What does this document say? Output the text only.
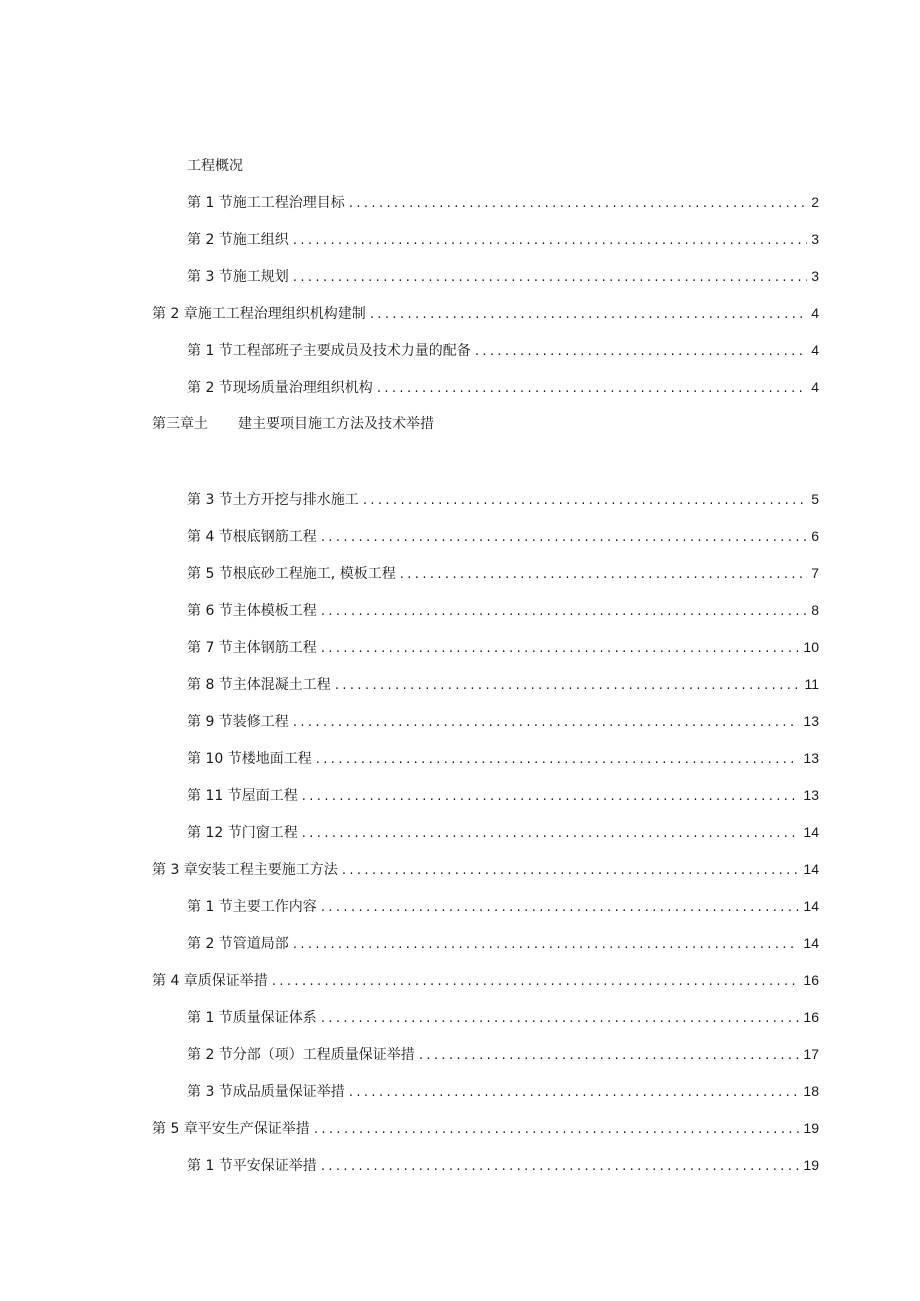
工程概况
第 1 节施工工程治理目标 .....	2
第 2 节施工组织 .....	3
第 3 节施工规划 .....	3
第 2 章施工工程治理组织机构建制 .....	4
第 1 节工程部班子主要成员及技术力量的配备 .....	4
第 2 节现场质量治理组织机构 .....	4
第三章土 建主要项目施工方法及技术举措
第 3 节土方开挖与排水施工 .....	5
第 4 节根底钢筋工程 .....	6
第 5 节根底砂工程施工, 模板工程 .....	7
第 6 节主体模板工程 .....	8
第 7 节主体钢筋工程 .....	10
第 8 节主体混凝土工程 .....	11
第 9 节装修工程 .....	13
第 10 节楼地面工程 .....	13
第 11 节屋面工程 .....	13
第 12 节门窗工程 .....	14
第 3 章安装工程主要施工方法 .....	14
第 1 节主要工作内容 .....	14
第 2 节管道局部 .....	14
第 4 章质保证举措 .....	16
第 1 节质量保证体系 .....	16
第 2 节分部（项）工程质量保证举措 .....	17
第 3 节成品质量保证举措 .....	18
第 5 章平安生产保证举措 .....	19
第 1 节平安保证举措 .....	19
